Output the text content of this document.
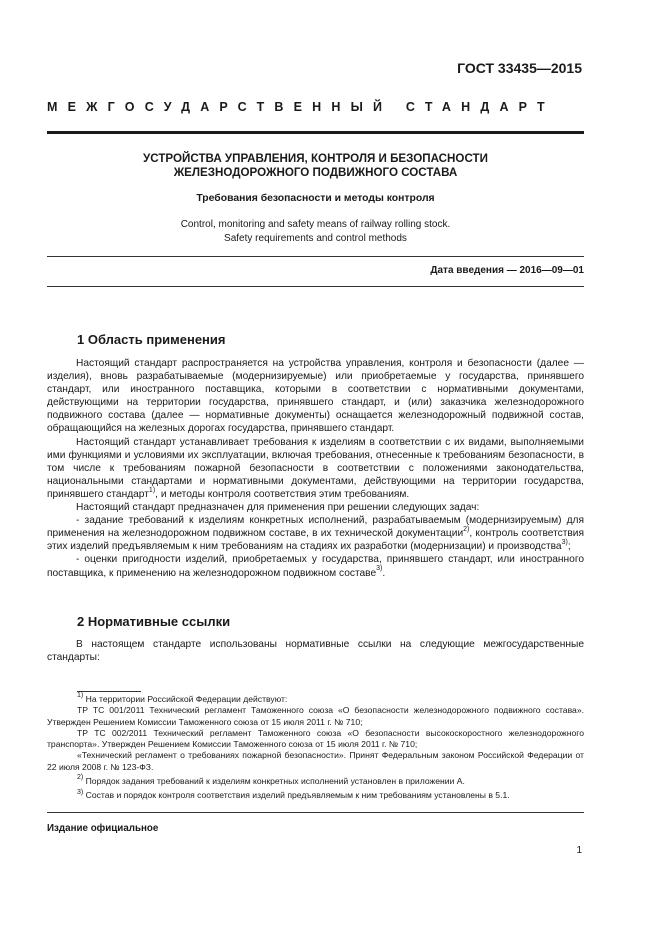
ГОСТ 33435—2015
МЕЖГОСУДАРСТВЕННЫЙ СТАНДАРТ
УСТРОЙСТВА УПРАВЛЕНИЯ, КОНТРОЛЯ И БЕЗОПАСНОСТИ
ЖЕЛЕЗНОДОРОЖНОГО ПОДВИЖНОГО СОСТАВА
Требования безопасности и методы контроля
Control, monitoring and safety means of railway rolling stock.
Safety requirements and control methods
Дата введения — 2016—09—01
1 Область применения

Настоящий стандарт распространяется на устройства управления, контроля и безопасности (далее — изделия), вновь разрабатываемые (модернизируемые) или приобретаемые у государства, принявшего стандарт, или иностранного поставщика, которыми в соответствии с нормативными документами, действующими на территории государства, принявшего стандарт, и (или) заказчика железнодорожного подвижного состава (далее — нормативные документы) оснащается железнодорожный подвижной состав, обращающийся на железных дорогах государства, принявшего стандарт.

Настоящий стандарт устанавливает требования к изделиям в соответствии с их видами, выполняемыми ими функциями и условиями их эксплуатации, включая требования, отнесенные к требованиям безопасности, в том числе к требованиям пожарной безопасности в соответствии с положениями законодательства, национальными стандартами и нормативными документами, действующими на территории государства, принявшего стандарт$^{1)}$, и методы контроля соответствия этим требованиям.

Настоящий стандарт предназначен для применения при решении следующих задач:

- задание требований к изделиям конкретных исполнений, разрабатываемым (модернизируемым) для применения на железнодорожном подвижном составе, в их технической документации$^{2)}$, контроль соответствия этих изделий предъявляемым к ним требованиям на стадиях их разработки (модернизации) и производства$^{3)}$;

- оценки пригодности изделий, приобретаемых у государства, принявшего стандарт, или иностранного поставщика, к применению на железнодорожном подвижном составе$^{3)}$.

2 Нормативные ссылки

В настоящем стандарте использованы нормативные ссылки на следующие межгосударственные стандарты:

$^{1)}$ На территории Российской Федерации действуют:

ТР ТС 001/2011 Технический регламент Таможенного союза «О безопасности железнодорожного подвижного состава». Утвержден Решением Комиссии Таможенного союза от 15 июля 2011 г. № 710;

ТР ТС 002/2011 Технический регламент Таможенного союза «О безопасности высокоскоростного железнодорожного транспорта». Утвержден Решением Комиссии Таможенного союза от 15 июля 2011 г. № 710;

«Технический регламент о требованиях пожарной безопасности». Принят Федеральным законом Российской Федерации от 22 июля 2008 г. № 123-ФЗ.

$^{2)}$ Порядок задания требований к изделиям конкретных исполнений установлен в приложении А.

$^{3)}$ Состав и порядок контроля соответствия изделий предъявляемым к ним требованиям установлены в 5.1.

Издание официальное
1
